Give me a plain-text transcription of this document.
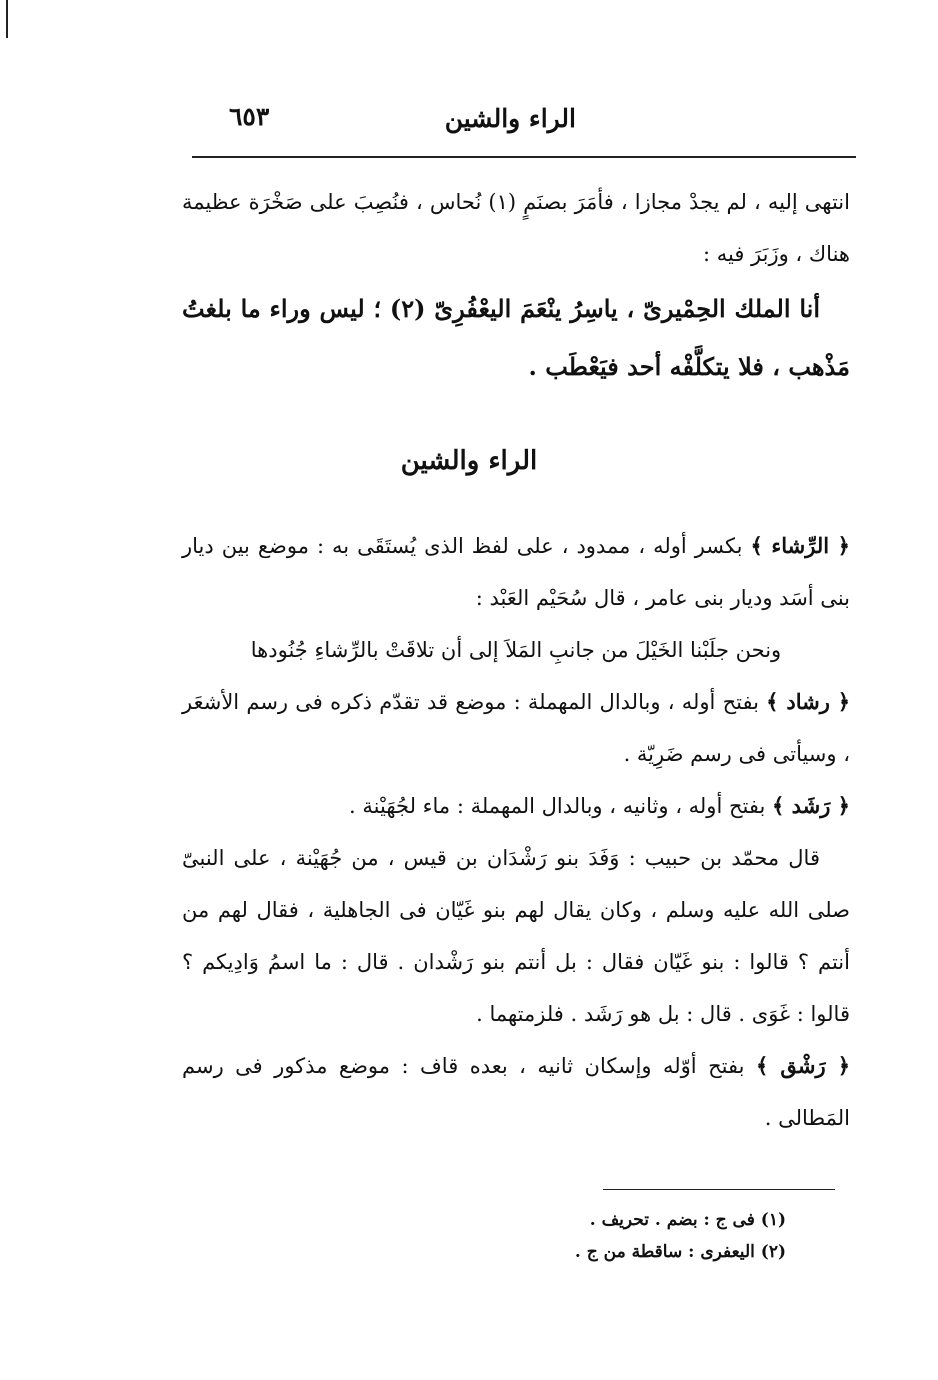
الراء والشين
٦٥٣

انتهى إليه ، لم يجدْ مجازا ، فأمَرَ بصنَمٍ (١) نُحاس ، فنُصِبَ على صَخْرَة عظيمة هناك ، وزَبَرَ فيه :

أنا الملك الحِمْيرىّ ، ياسِرُ ينْعَمَ اليعْفُرِىّ (٢) ؛ ليس وراء ما بلغتُ مَذْهب ، فلا يتكلَّفْه أحد فيَعْطَب .

الراء والشين

﴿ الرِّشاء ﴾ بكسر أوله ، ممدود ، على لفظ الذى يُستَقَى به : موضع بين ديار بنى أسَد وديار بنى عامر ، قال سُحَيْم العَبْد :

ونحن جلَبْنا الخَيْلَ من جانبِ المَلاَ إلى أن تلاقَتْ بالرِّشاءِ جُنُودها

﴿ رشاد ﴾ بفتح أوله ، وبالدال المهملة : موضع قد تقدّم ذكره فى رسم الأشعَر ، وسيأتى فى رسم ضَرِيّة .

﴿ رَشَد ﴾ بفتح أوله ، وثانيه ، وبالدال المهملة : ماء لجُهَيْنة .

قال محمّد بن حبيب : وَفَدَ بنو رَشْدَان بن قيس ، من جُهَيْنة ، على النبىّ صلى الله عليه وسلم ، وكان يقال لهم بنو غَيّان فى الجاهلية ، فقال لهم من أنتم ؟ قالوا : بنو غَيّان فقال : بل أنتم بنو رَشْدان . قال : ما اسمُ وَادِيكم ؟ قالوا : غَوَى . قال : بل هو رَشَد . فلزمتهما .

﴿ رَشْق ﴾ بفتح أوّله وإسكان ثانيه ، بعده قاف : موضع مذكور فى رسم المَطالى .

(١) فى ج : بضم . تحريف .

(٢) اليعفرى : ساقطة من ج .
